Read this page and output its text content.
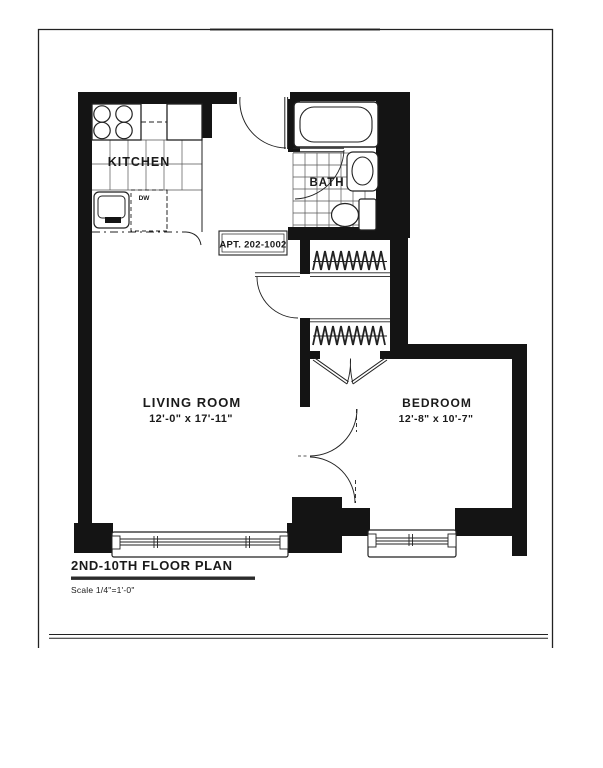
KITCHEN
DW
APT. 202-1002
BATH
LIVING ROOM
12'-0" x 17'-11"
BEDROOM
12'-8" x 10'-7"
2ND-10TH FLOOR PLAN
Scale 1/4"=1'-0"
